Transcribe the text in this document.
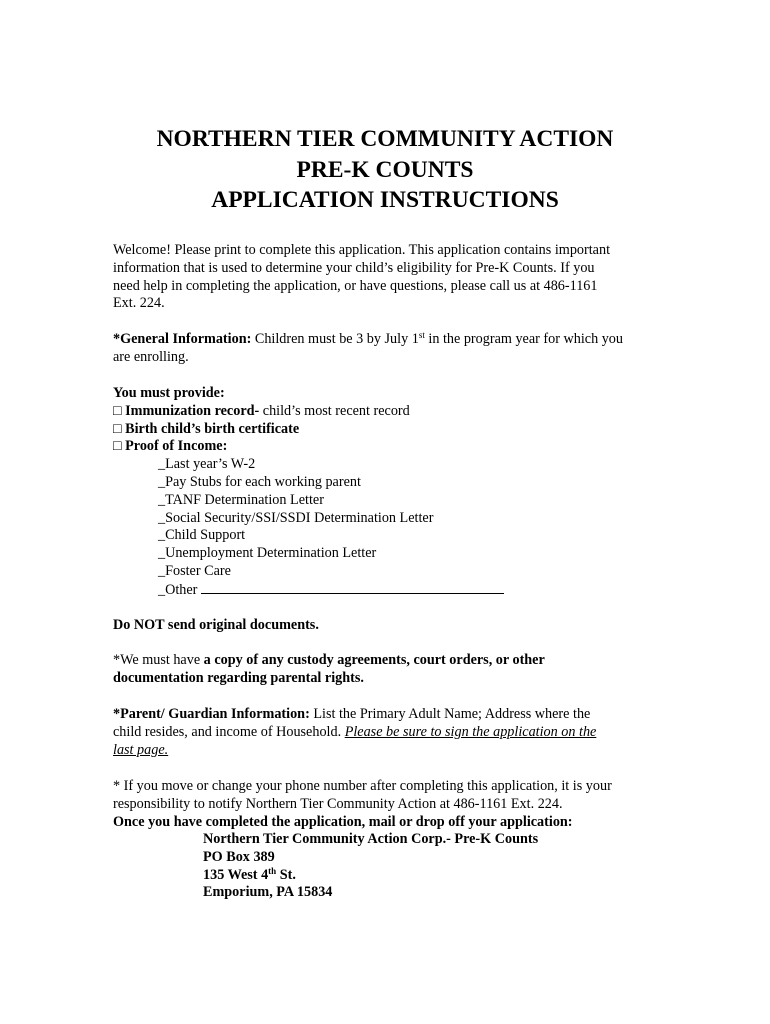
NORTHERN TIER COMMUNITY ACTION
PRE-K COUNTS
APPLICATION INSTRUCTIONS
Welcome! Please print to complete this application. This application contains important
information that is used to determine your child’s eligibility for Pre-K Counts. If you
need help in completing the application, or have questions, please call us at 486-1161
Ext. 224.
*General Information: Children must be 3 by July 1st in the program year for which you
are enrolling.
You must provide:
□ Immunization record- child’s most recent record
□ Birth child’s birth certificate
□ Proof of Income:
_Last year’s W-2
_Pay Stubs for each working parent
_TANF Determination Letter
_Social Security/SSI/SSDI Determination Letter
_Child Support
_Unemployment Determination Letter
_Foster Care
_Other
Do NOT send original documents.
*We must have a copy of any custody agreements, court orders, or other
documentation regarding parental rights.
*Parent/ Guardian Information: List the Primary Adult Name; Address where the
child resides, and income of Household. Please be sure to sign the application on the
last page.
* If you move or change your phone number after completing this application, it is your
responsibility to notify Northern Tier Community Action at 486-1161 Ext. 224.
Once you have completed the application, mail or drop off your application:
Northern Tier Community Action Corp.- Pre-K Counts
PO Box 389
135 West 4th St.
Emporium, PA 15834
